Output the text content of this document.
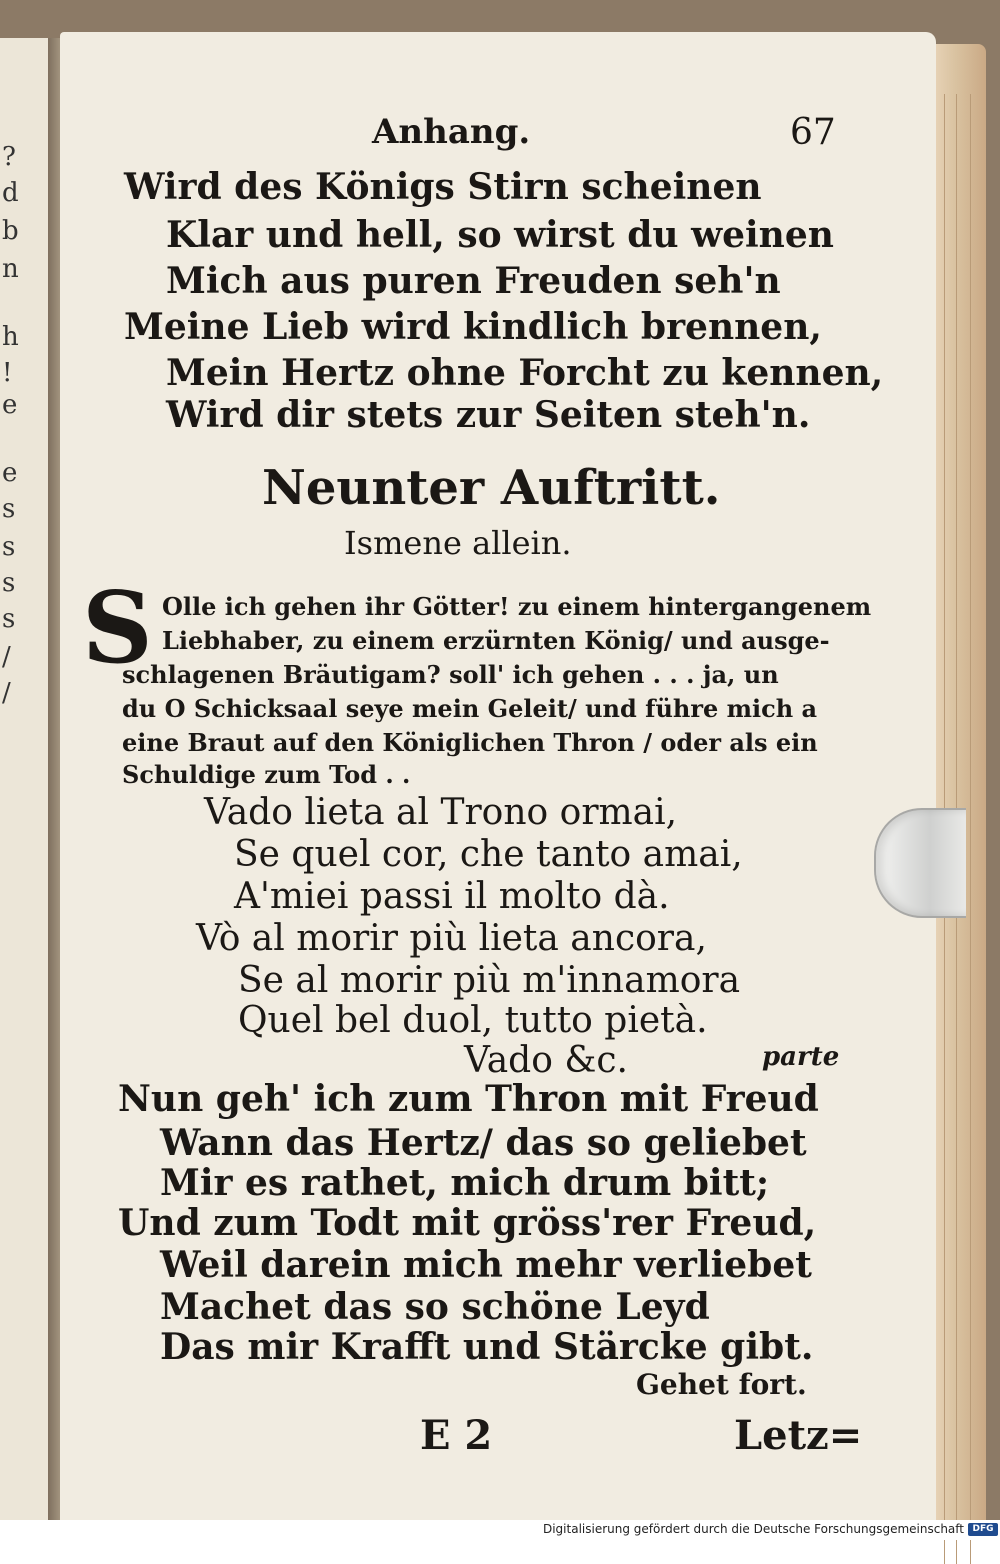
?
d
b
n
h
!
e
e
s
s
s
s
/
/
Anhang.	67
Wird des Königs Stirn scheinen
Klar und hell, so wirst du weinen
Mich aus puren Freuden seh'n
Meine Lieb wird kindlich brennen,
Mein Hertz ohne Forcht zu kennen,
Wird dir stets zur Seiten steh'n.
Neunter Auftritt.
Ismene allein.
S Olle ich gehen ihr Götter! zu einem hintergangenem
Liebhaber, zu einem erzürnten König/ und ausge-
schlagenen Bräutigam? soll' ich gehen . . . ja, un
du O Schicksaal seye mein Geleit/ und führe mich a
eine Braut auf den Königlichen Thron / oder als ein
Schuldige zum Tod . .
Vado lieta al Trono ormai,
Se quel cor, che tanto amai,
A'miei passi il molto dà.
Vò al morir più lieta ancora,
Se al morir più m'innamora
Quel bel duol, tutto pietà.
Vado &c.	parte
Nun geh' ich zum Thron mit Freud
Wann das Hertz/ das so geliebet
Mir es rathet, mich drum bitt;
Und zum Todt mit gröss'rer Freud,
Weil darein mich mehr verliebet
Machet das so schöne Leyd
Das mir Krafft und Stärcke gibt.
Gehet fort.
E 2	Letz=
Digitalisierung gefördert durch die Deutsche Forschungsgemeinschaft DFG
